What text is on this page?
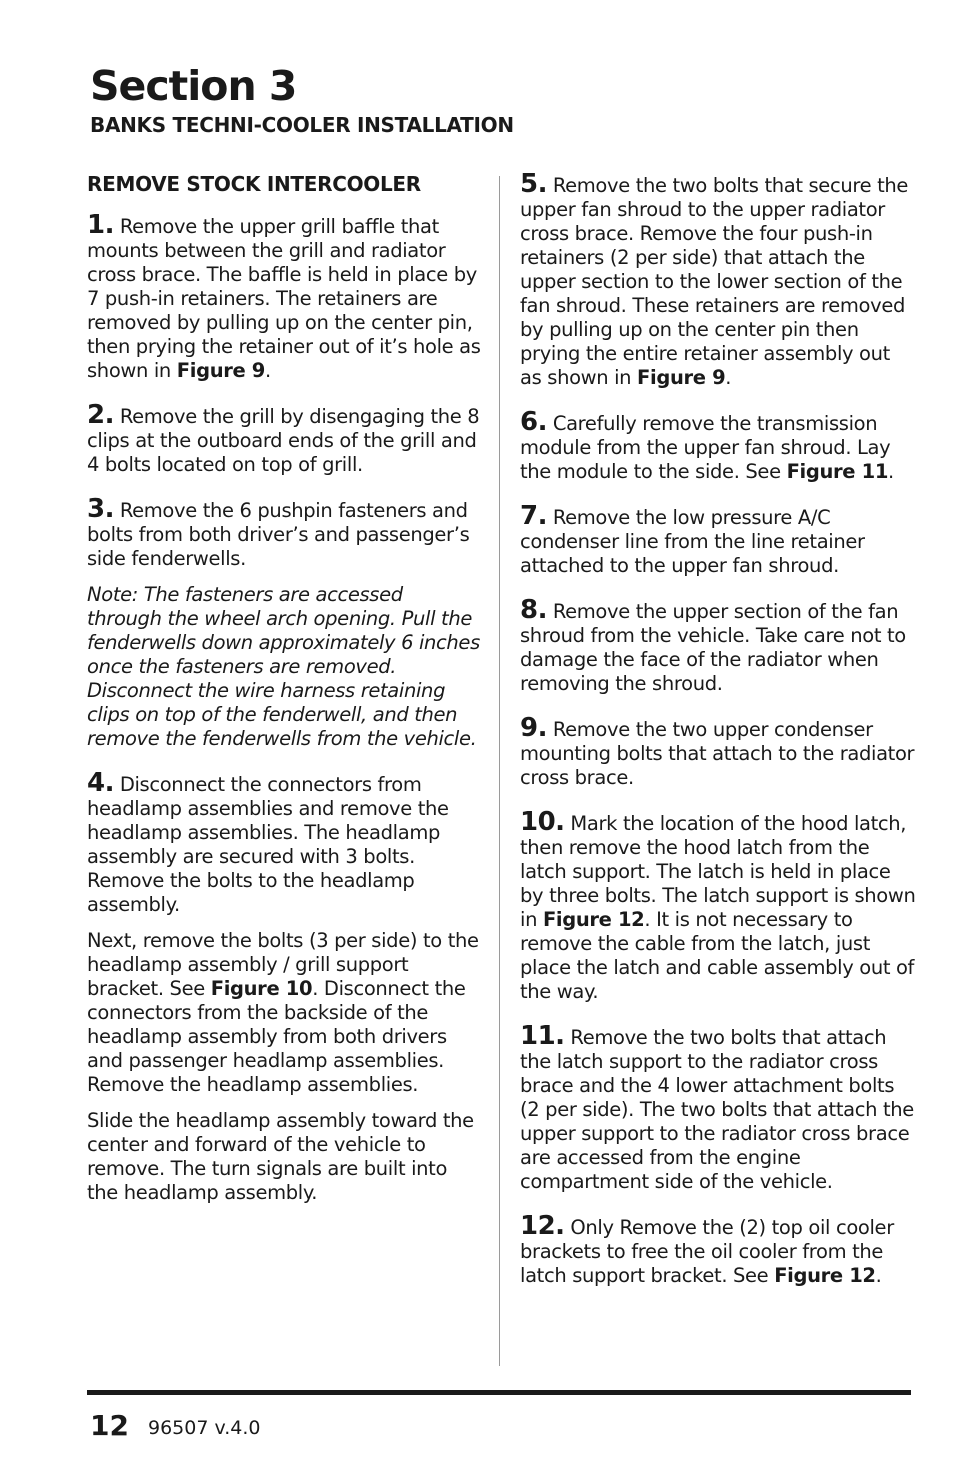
Section 3
BANKS TECHNI-COOLER INSTALLATION

REMOVE STOCK INTERCOOLER

1. Remove the upper grill baffle that mounts between the grill and radiator cross brace. The baffle is held in place by 7 push-in retainers. The retainers are removed by pulling up on the center pin, then prying the retainer out of it’s hole as shown in Figure 9.

2. Remove the grill by disengaging the 8 clips at the outboard ends of the grill and 4 bolts located on top of grill.

3. Remove the 6 pushpin fasteners and bolts from both driver’s and passenger’s side fenderwells.

Note: The fasteners are accessed through the wheel arch opening. Pull the fenderwells down approximately 6 inches once the fasteners are removed. Disconnect the wire harness retaining clips on top of the fenderwell, and then remove the fenderwells from the vehicle.

4. Disconnect the connectors from headlamp assemblies and remove the headlamp assemblies. The headlamp assembly are secured with 3 bolts. Remove the bolts to the headlamp assembly.

Next, remove the bolts (3 per side) to the headlamp assembly / grill support bracket. See Figure 10. Disconnect the connectors from the backside of the headlamp assembly from both drivers and passenger headlamp assemblies. Remove the headlamp assemblies.

Slide the headlamp assembly toward the center and forward of the vehicle to remove. The turn signals are built into the headlamp assembly.

5. Remove the two bolts that secure the upper fan shroud to the upper radiator cross brace. Remove the four push-in retainers (2 per side) that attach the upper section to the lower section of the fan shroud. These retainers are removed by pulling up on the center pin then prying the entire retainer assembly out as shown in Figure 9.

6. Carefully remove the transmission module from the upper fan shroud. Lay the module to the side. See Figure 11.

7. Remove the low pressure A/C condenser line from the line retainer attached to the upper fan shroud.

8. Remove the upper section of the fan shroud from the vehicle. Take care not to damage the face of the radiator when removing the shroud.

9. Remove the two upper condenser mounting bolts that attach to the radiator cross brace.

10. Mark the location of the hood latch, then remove the hood latch from the latch support. The latch is held in place by three bolts. The latch support is shown in Figure 12. It is not necessary to remove the cable from the latch, just place the latch and cable assembly out of the way.

11. Remove the two bolts that attach the latch support to the radiator cross brace and the 4 lower attachment bolts (2 per side). The two bolts that attach the upper support to the radiator cross brace are accessed from the engine compartment side of the vehicle.

12. Only Remove the (2) top oil cooler brackets to free the oil cooler from the latch support bracket. See Figure 12.

12 96507 v.4.0
